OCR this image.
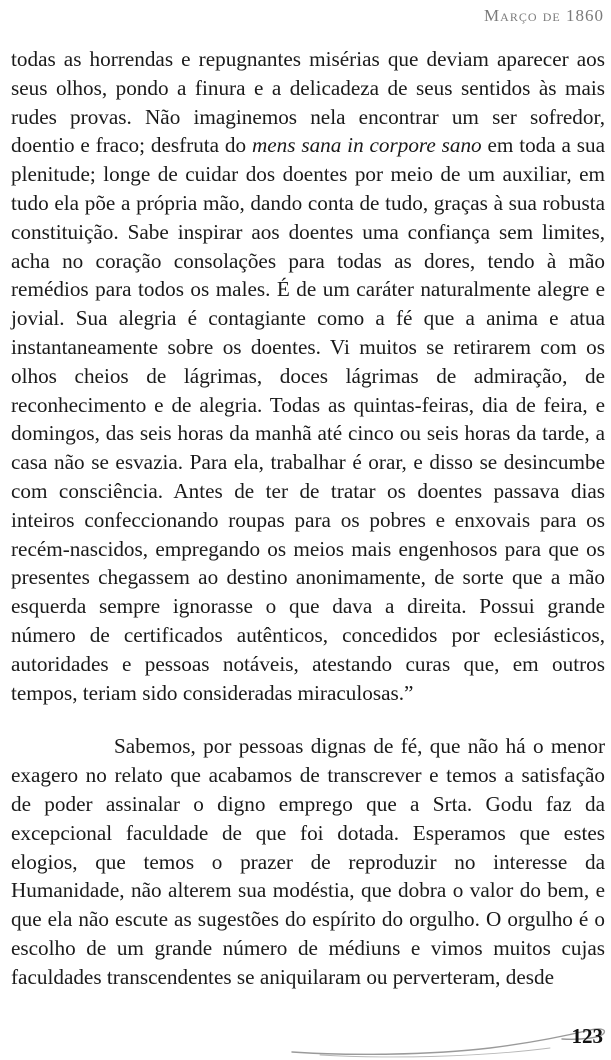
Março de 1860

todas as horrendas e repugnantes misérias que deviam aparecer aos seus olhos, pondo a finura e a delicadeza de seus sentidos às mais rudes provas. Não imaginemos nela encontrar um ser sofredor, doentio e fraco; desfruta do mens sana in corpore sano em toda a sua plenitude; longe de cuidar dos doentes por meio de um auxiliar, em tudo ela põe a própria mão, dando conta de tudo, graças à sua robusta constituição. Sabe inspirar aos doentes uma confiança sem limites, acha no coração consolações para todas as dores, tendo à mão remédios para todos os males. É de um caráter naturalmente alegre e jovial. Sua alegria é contagiante como a fé que a anima e atua instantaneamente sobre os doentes. Vi muitos se retirarem com os olhos cheios de lágrimas, doces lágrimas de admiração, de reconhecimento e de alegria. Todas as quintas-feiras, dia de feira, e domingos, das seis horas da manhã até cinco ou seis horas da tarde, a casa não se esvazia. Para ela, trabalhar é orar, e disso se desincumbe com consciência. Antes de ter de tratar os doentes passava dias inteiros confeccionando roupas para os pobres e enxovais para os recém-nascidos, empregando os meios mais engenhosos para que os presentes chegassem ao destino anonimamente, de sorte que a mão esquerda sempre ignorasse o que dava a direita. Possui grande número de certificados autênticos, concedidos por eclesiásticos, autoridades e pessoas notáveis, atestando curas que, em outros tempos, teriam sido consideradas miraculosas.”

Sabemos, por pessoas dignas de fé, que não há o menor exagero no relato que acabamos de transcrever e temos a satisfação de poder assinalar o digno emprego que a Srta. Godu faz da excepcional faculdade de que foi dotada. Esperamos que estes elogios, que temos o prazer de reproduzir no interesse da Humanidade, não alterem sua modéstia, que dobra o valor do bem, e que ela não escute as sugestões do espírito do orgulho. O orgulho é o escolho de um grande número de médiuns e vimos muitos cujas faculdades transcendentes se aniquilaram ou perverteram, desde

123
